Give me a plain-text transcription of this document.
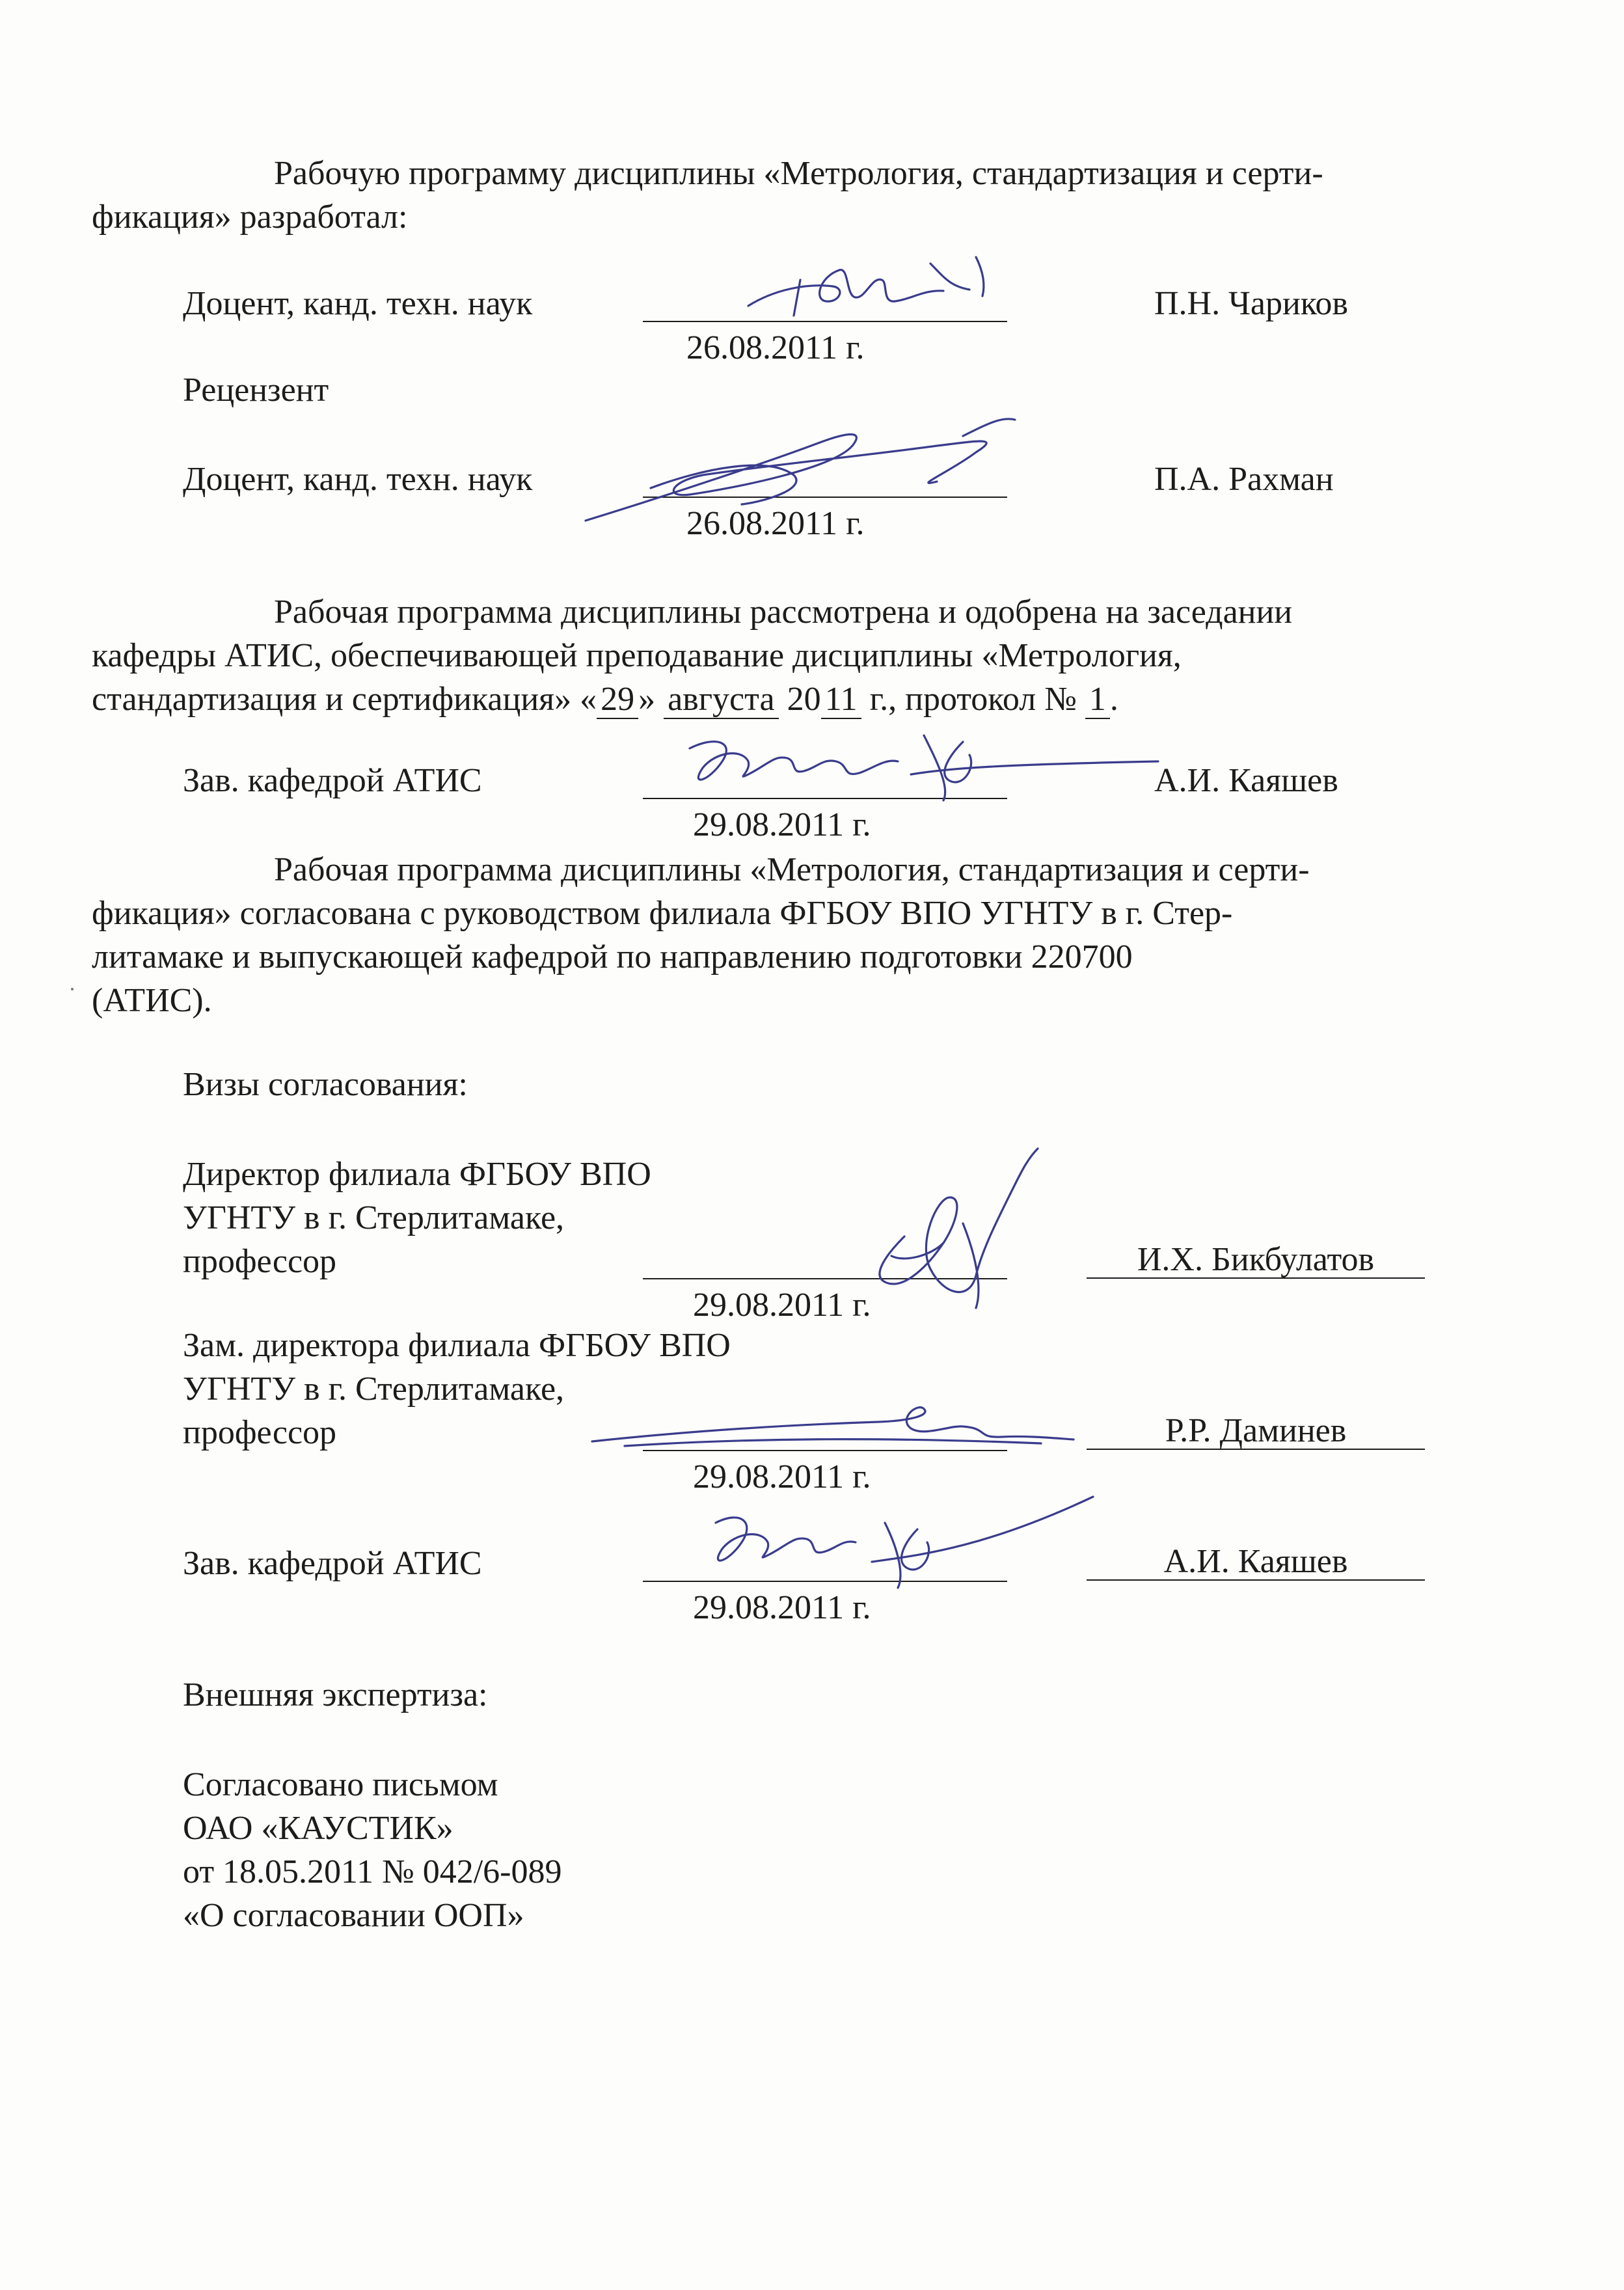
Рабочую программу дисциплины «Метрология, стандартизация и серти-
фикация» разработал:
Доцент, канд. техн. наук
26.08.2011 г.
П.Н. Чариков
Рецензент
Доцент, канд. техн. наук
26.08.2011 г.
П.А. Рахман
Рабочая программа дисциплины рассмотрена и одобрена на заседании
кафедры АТИС, обеспечивающей преподавание дисциплины «Метрология,
стандартизация и сертификация» « 29 » августа 20 11 г., протокол № 1 .
Зав. кафедрой АТИС
29.08.2011 г.
А.И. Каяшев
Рабочая программа дисциплины «Метрология, стандартизация и серти-
фикация» согласована с руководством филиала ФГБОУ ВПО УГНТУ в г. Стер-
литамаке и выпускающей кафедрой по направлению подготовки 220700
(АТИС).
Визы согласования:
Директор филиала ФГБОУ ВПО
УГНТУ в г. Стерлитамаке,
профессор
29.08.2011 г.
И.Х. Бикбулатов
Зам. директора филиала ФГБОУ ВПО
УГНТУ в г. Стерлитамаке,
профессор
29.08.2011 г.
Р.Р. Даминев
Зав. кафедрой АТИС
29.08.2011 г.
А.И. Каяшев
Внешняя экспертиза:
Согласовано письмом
ОАО «КАУСТИК»
от 18.05.2011 № 042/6-089
«О согласовании ООП»
